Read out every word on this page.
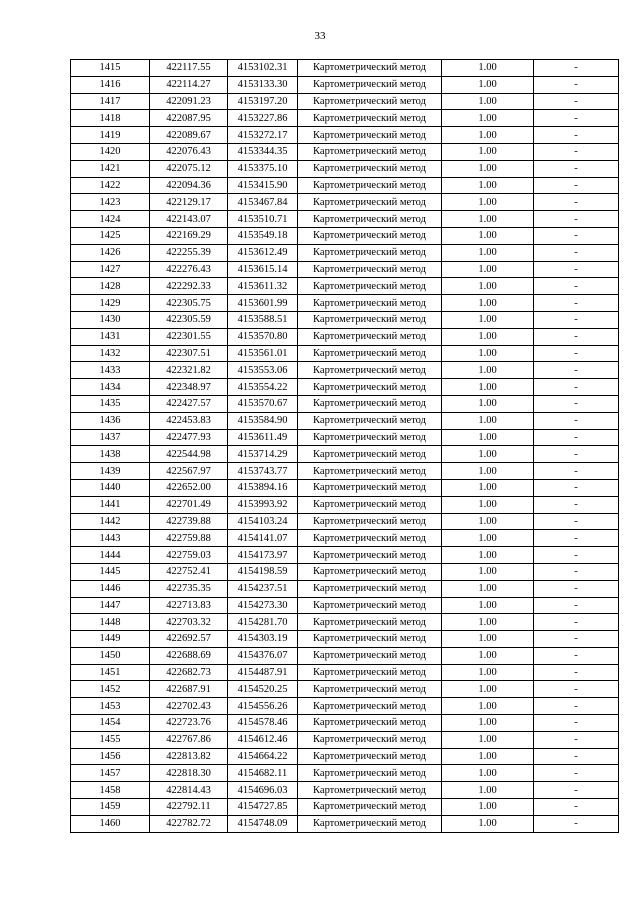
33
1415	422117.55	4153102.31	Картометрический метод	1.00	-
1416	422114.27	4153133.30	Картометрический метод	1.00	-
1417	422091.23	4153197.20	Картометрический метод	1.00	-
1418	422087.95	4153227.86	Картометрический метод	1.00	-
1419	422089.67	4153272.17	Картометрический метод	1.00	-
1420	422076.43	4153344.35	Картометрический метод	1.00	-
1421	422075.12	4153375.10	Картометрический метод	1.00	-
1422	422094.36	4153415.90	Картометрический метод	1.00	-
1423	422129.17	4153467.84	Картометрический метод	1.00	-
1424	422143.07	4153510.71	Картометрический метод	1.00	-
1425	422169.29	4153549.18	Картометрический метод	1.00	-
1426	422255.39	4153612.49	Картометрический метод	1.00	-
1427	422276.43	4153615.14	Картометрический метод	1.00	-
1428	422292.33	4153611.32	Картометрический метод	1.00	-
1429	422305.75	4153601.99	Картометрический метод	1.00	-
1430	422305.59	4153588.51	Картометрический метод	1.00	-
1431	422301.55	4153570.80	Картометрический метод	1.00	-
1432	422307.51	4153561.01	Картометрический метод	1.00	-
1433	422321.82	4153553.06	Картометрический метод	1.00	-
1434	422348.97	4153554.22	Картометрический метод	1.00	-
1435	422427.57	4153570.67	Картометрический метод	1.00	-
1436	422453.83	4153584.90	Картометрический метод	1.00	-
1437	422477.93	4153611.49	Картометрический метод	1.00	-
1438	422544.98	4153714.29	Картометрический метод	1.00	-
1439	422567.97	4153743.77	Картометрический метод	1.00	-
1440	422652.00	4153894.16	Картометрический метод	1.00	-
1441	422701.49	4153993.92	Картометрический метод	1.00	-
1442	422739.88	4154103.24	Картометрический метод	1.00	-
1443	422759.88	4154141.07	Картометрический метод	1.00	-
1444	422759.03	4154173.97	Картометрический метод	1.00	-
1445	422752.41	4154198.59	Картометрический метод	1.00	-
1446	422735.35	4154237.51	Картометрический метод	1.00	-
1447	422713.83	4154273.30	Картометрический метод	1.00	-
1448	422703.32	4154281.70	Картометрический метод	1.00	-
1449	422692.57	4154303.19	Картометрический метод	1.00	-
1450	422688.69	4154376.07	Картометрический метод	1.00	-
1451	422682.73	4154487.91	Картометрический метод	1.00	-
1452	422687.91	4154520.25	Картометрический метод	1.00	-
1453	422702.43	4154556.26	Картометрический метод	1.00	-
1454	422723.76	4154578.46	Картометрический метод	1.00	-
1455	422767.86	4154612.46	Картометрический метод	1.00	-
1456	422813.82	4154664.22	Картометрический метод	1.00	-
1457	422818.30	4154682.11	Картометрический метод	1.00	-
1458	422814.43	4154696.03	Картометрический метод	1.00	-
1459	422792.11	4154727.85	Картометрический метод	1.00	-
1460	422782.72	4154748.09	Картометрический метод	1.00	-
